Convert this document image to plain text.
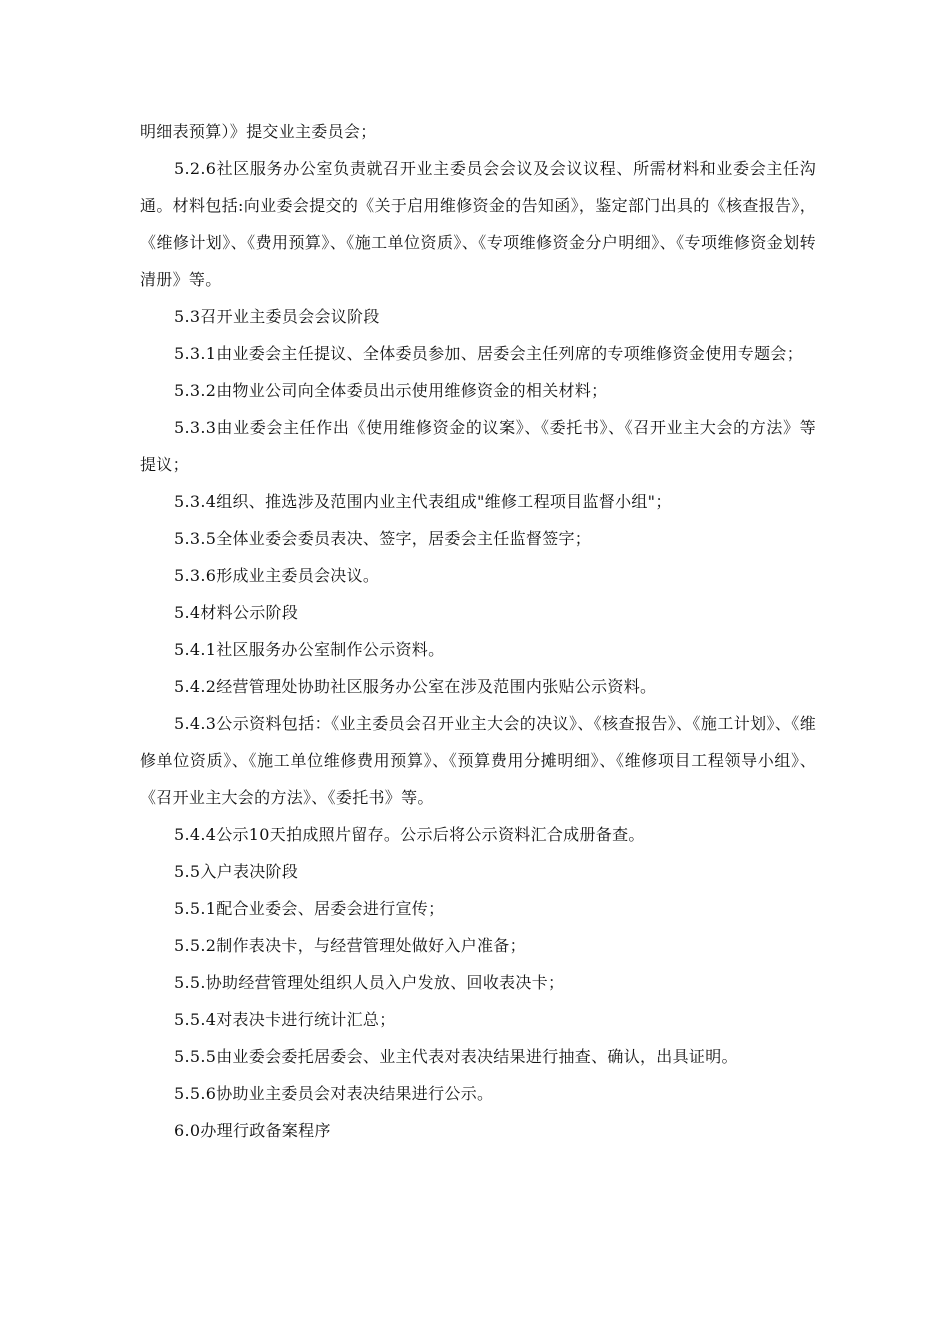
明细表预算）》提交业主委员会；

5.2.6社区服务办公室负责就召开业主委员会会议及会议议程、所需材料和业委会主任沟通。材料包括:向业委会提交的《关于启用维修资金的告知函》，鉴定部门出具的《核查报告》，《维修计划》、《费用预算》、《施工单位资质》、《专项维修资金分户明细》、《专项维修资金划转清册》等。

5.3召开业主委员会会议阶段

5.3.1由业委会主任提议、全体委员参加、居委会主任列席的专项维修资金使用专题会；

5.3.2由物业公司向全体委员出示使用维修资金的相关材料；

5.3.3由业委会主任作出《使用维修资金的议案》、《委托书》、《召开业主大会的方法》等提议；

5.3.4组织、推选涉及范围内业主代表组成"维修工程项目监督小组"；

5.3.5全体业委会委员表决、签字，居委会主任监督签字；

5.3.6形成业主委员会决议。

5.4材料公示阶段

5.4.1社区服务办公室制作公示资料。

5.4.2经营管理处协助社区服务办公室在涉及范围内张贴公示资料。

5.4.3公示资料包括：《业主委员会召开业主大会的决议》、《核查报告》、《施工计划》、《维修单位资质》、《施工单位维修费用预算》、《预算费用分摊明细》、《维修项目工程领导小组》、《召开业主大会的方法》、《委托书》等。

5.4.4公示10天拍成照片留存。公示后将公示资料汇合成册备查。

5.5入户表决阶段

5.5.1配合业委会、居委会进行宣传；

5.5.2制作表决卡，与经营管理处做好入户准备；

5.5.协助经营管理处组织人员入户发放、回收表决卡；

5.5.4对表决卡进行统计汇总；

5.5.5由业委会委托居委会、业主代表对表决结果进行抽查、确认，出具证明。

5.5.6协助业主委员会对表决结果进行公示。

6.0办理行政备案程序
